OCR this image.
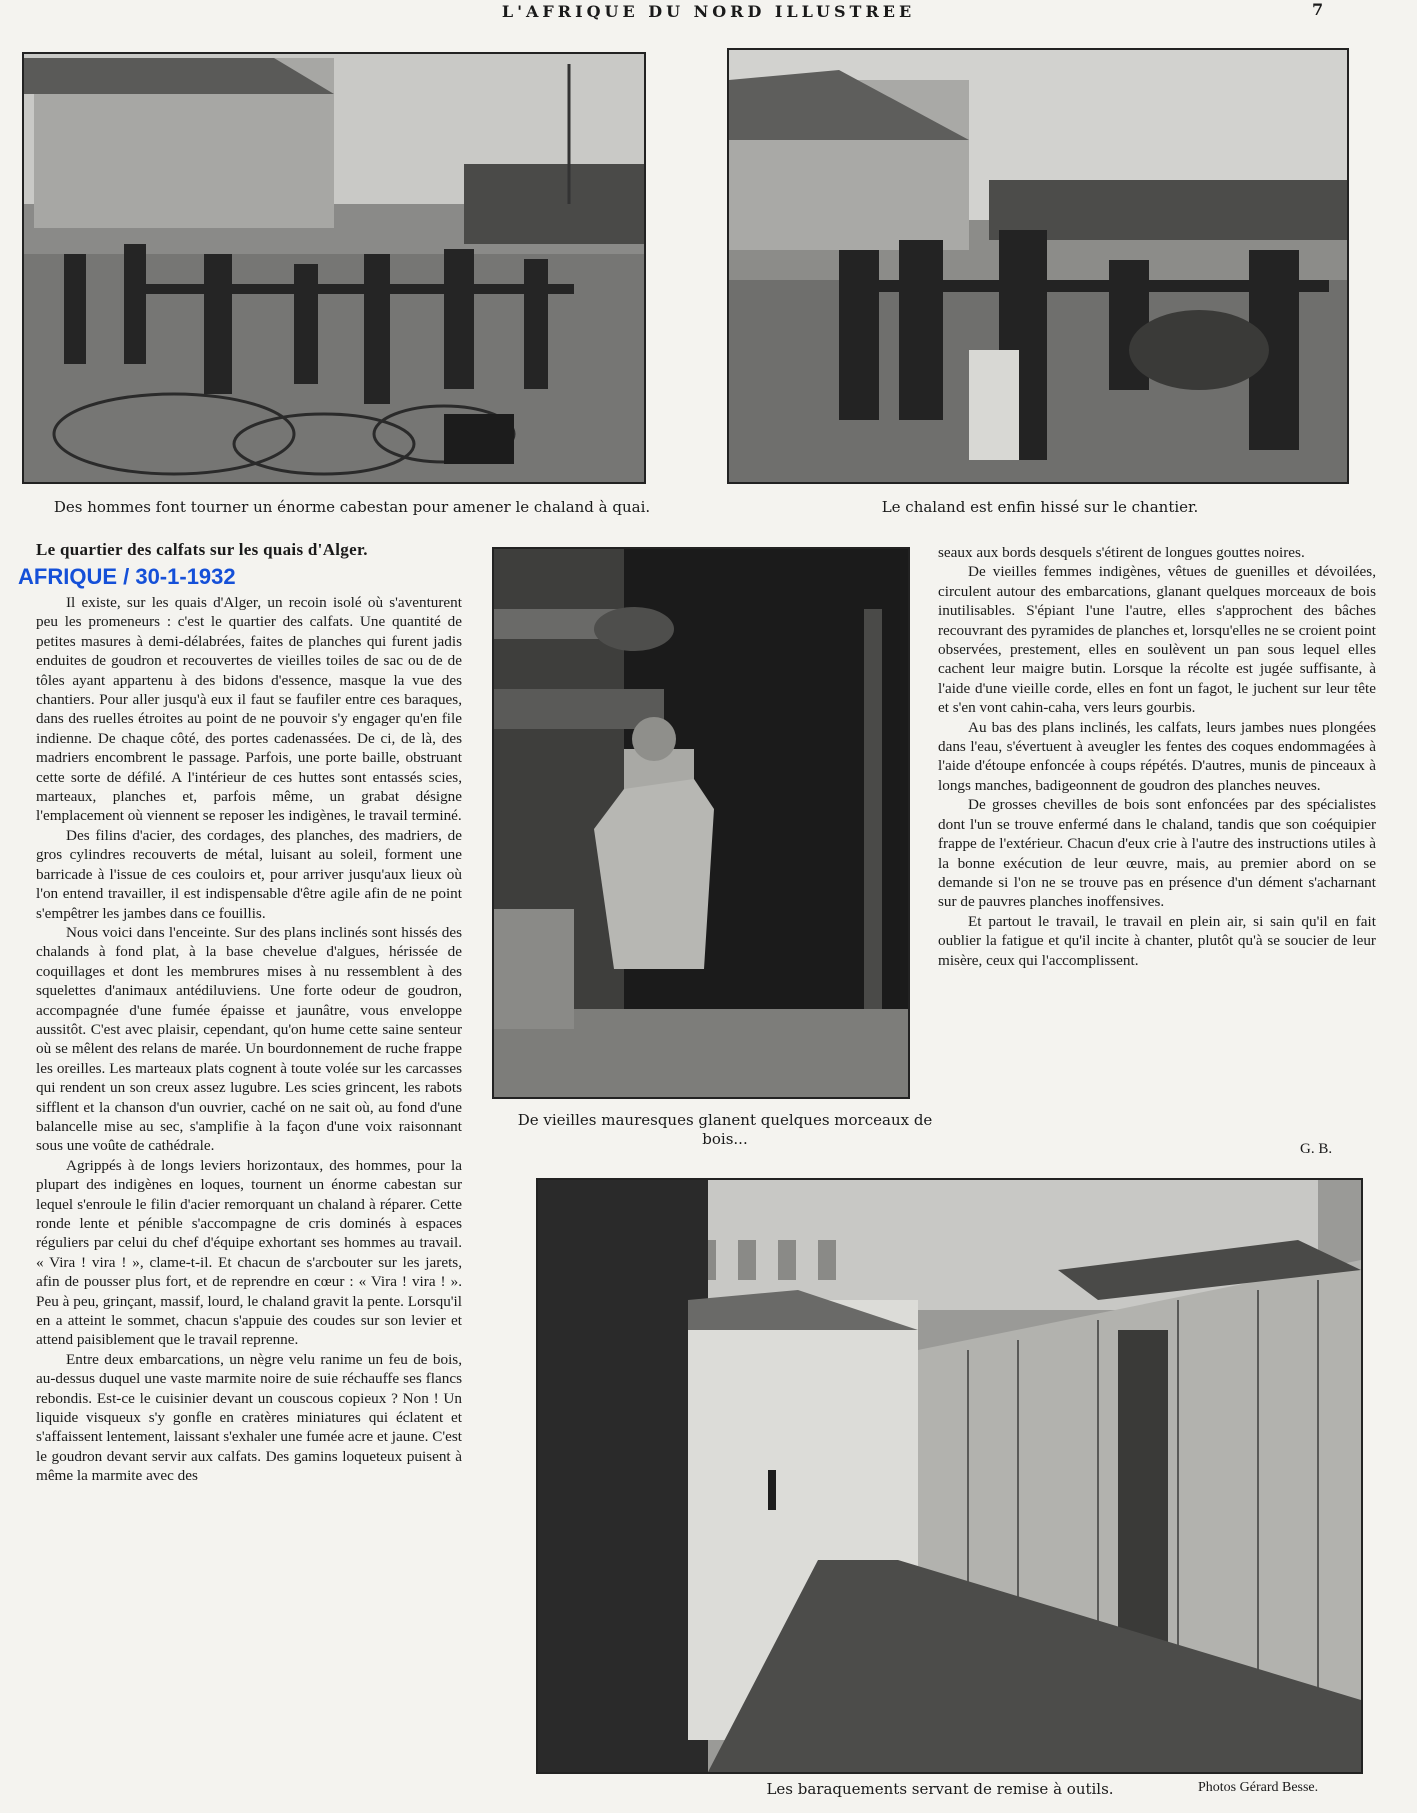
L'AFRIQUE DU NORD ILLUSTREE	7
Des hommes font tourner un énorme cabestan pour amener le chaland à quai.	Le chaland est enfin hissé sur le chantier.
Le quartier des calfats sur les quais d'Alger.
AFRIQUE / 30-1-1932

Il existe, sur les quais d'Alger, un recoin isolé où s'aventurent peu les promeneurs : c'est le quartier des calfats. Une quantité de petites masures à demi-délabrées, faites de planches qui furent jadis enduites de goudron et recouvertes de vieilles toiles de sac ou de de tôles ayant appartenu à des bidons d'essence, masque la vue des chantiers. Pour aller jusqu'à eux il faut se faufiler entre ces baraques, dans des ruelles étroites au point de ne pouvoir s'y engager qu'en file indienne. De chaque côté, des portes cadenassées. De ci, de là, des madriers encombrent le passage. Parfois, une porte baille, obstruant cette sorte de défilé. A l'intérieur de ces huttes sont entassés scies, marteaux, planches et, parfois même, un grabat désigne l'emplacement où viennent se reposer les indigènes, le travail terminé.

Des filins d'acier, des cordages, des planches, des madriers, de gros cylindres recouverts de métal, luisant au soleil, forment une barricade à l'issue de ces couloirs et, pour arriver jusqu'aux lieux où l'on entend travailler, il est indispensable d'être agile afin de ne point s'empêtrer les jambes dans ce fouillis.

Nous voici dans l'enceinte. Sur des plans inclinés sont hissés des chalands à fond plat, à la base chevelue d'algues, hérissée de coquillages et dont les membrures mises à nu ressemblent à des squelettes d'animaux antédiluviens. Une forte odeur de goudron, accompagnée d'une fumée épaisse et jaunâtre, vous enveloppe aussitôt. C'est avec plaisir, cependant, qu'on hume cette saine senteur où se mêlent des relans de marée. Un bourdonnement de ruche frappe les oreilles. Les marteaux plats cognent à toute volée sur les carcasses qui rendent un son creux assez lugubre. Les scies grincent, les rabots sifflent et la chanson d'un ouvrier, caché on ne sait où, au fond d'une balancelle mise au sec, s'amplifie à la façon d'une voix raisonnant sous une voûte de cathédrale.

Agrippés à de longs leviers horizontaux, des hommes, pour la plupart des indigènes en loques, tournent un énorme cabestan sur lequel s'enroule le filin d'acier remorquant un chaland à réparer. Cette ronde lente et pénible s'accompagne de cris dominés à espaces réguliers par celui du chef d'équipe exhortant ses hommes au travail. « Vira ! vira ! », clame-t-il. Et chacun de s'arcbouter sur les jarets, afin de pousser plus fort, et de reprendre en cœur : « Vira ! vira ! ». Peu à peu, grinçant, massif, lourd, le chaland gravit la pente. Lorsqu'il en a atteint le sommet, chacun s'appuie des coudes sur son levier et attend paisiblement que le travail reprenne.

Entre deux embarcations, un nègre velu ranime un feu de bois, au-dessus duquel une vaste marmite noire de suie réchauffe ses flancs rebondis. Est-ce le cuisinier devant un couscous copieux ? Non ! Un liquide visqueux s'y gonfle en cratères miniatures qui éclatent et s'affaissent lentement, laissant s'exhaler une fumée acre et jaune. C'est le goudron devant servir aux calfats. Des gamins loqueteux puisent à même la marmite avec des

De vieilles mauresques glanent quelques morceaux de bois...

seaux aux bords desquels s'étirent de longues gouttes noires.

De vieilles femmes indigènes, vêtues de guenilles et dévoilées, circulent autour des embarcations, glanant quelques morceaux de bois inutilisables. S'épiant l'une l'autre, elles s'approchent des bâches recouvrant des pyramides de planches et, lorsqu'elles ne se croient point observées, prestement, elles en soulèvent un pan sous lequel elles cachent leur maigre butin. Lorsque la récolte est jugée suffisante, à l'aide d'une vieille corde, elles en font un fagot, le juchent sur leur tête et s'en vont cahin-caha, vers leurs gourbis.

Au bas des plans inclinés, les calfats, leurs jambes nues plongées dans l'eau, s'évertuent à aveugler les fentes des coques endommagées à l'aide d'étoupe enfoncée à coups répétés. D'autres, munis de pinceaux à longs manches, badigeonnent de goudron des planches neuves.

De grosses chevilles de bois sont enfoncées par des spécialistes dont l'un se trouve enfermé dans le chaland, tandis que son coéquipier frappe de l'extérieur. Chacun d'eux crie à l'autre des instructions utiles à la bonne exécution de leur œuvre, mais, au premier abord on se demande si l'on ne se trouve pas en présence d'un dément s'acharnant sur de pauvres planches inoffensives.

Et partout le travail, le travail en plein air, si sain qu'il en fait oublier la fatigue et qu'il incite à chanter, plutôt qu'à se soucier de leur misère, ceux qui l'accomplissent.

G. B.
Les baraquements servant de remise à outils.	Photos Gérard Besse.
